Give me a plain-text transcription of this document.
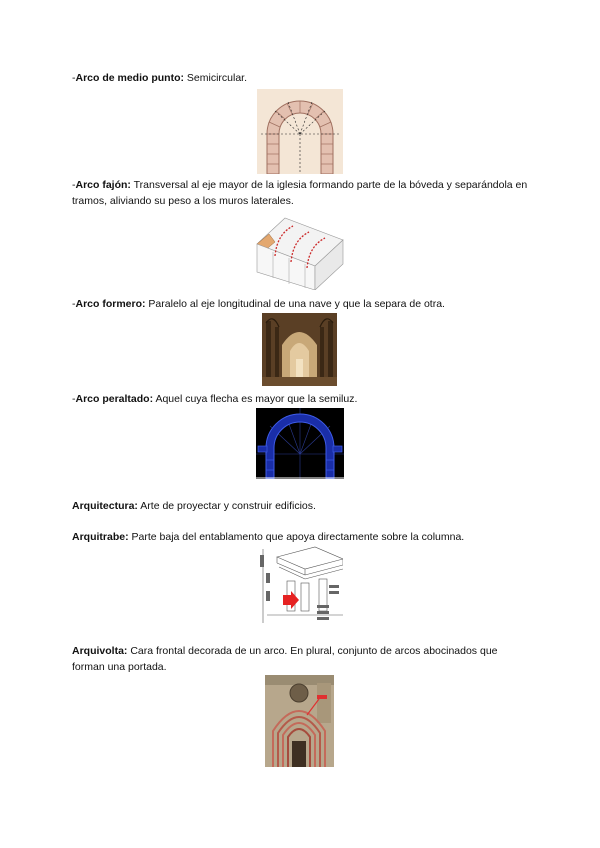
-Arco de medio punto: Semicircular.
-Arco fajón: Transversal al eje mayor de la iglesia formando parte de la bóveda y separándola en tramos, aliviando su peso a los muros laterales.
-Arco formero: Paralelo al eje longitudinal de una nave y que la separa de otra.
-Arco peraltado: Aquel cuya flecha es mayor que la semiluz.
Arquitectura: Arte de proyectar y construir edificios.
Arquitrabe: Parte baja del entablamento que apoya directamente sobre la columna.
Arquivolta: Cara frontal decorada de un arco. En plural, conjunto de arcos abocinados que forman una portada.
